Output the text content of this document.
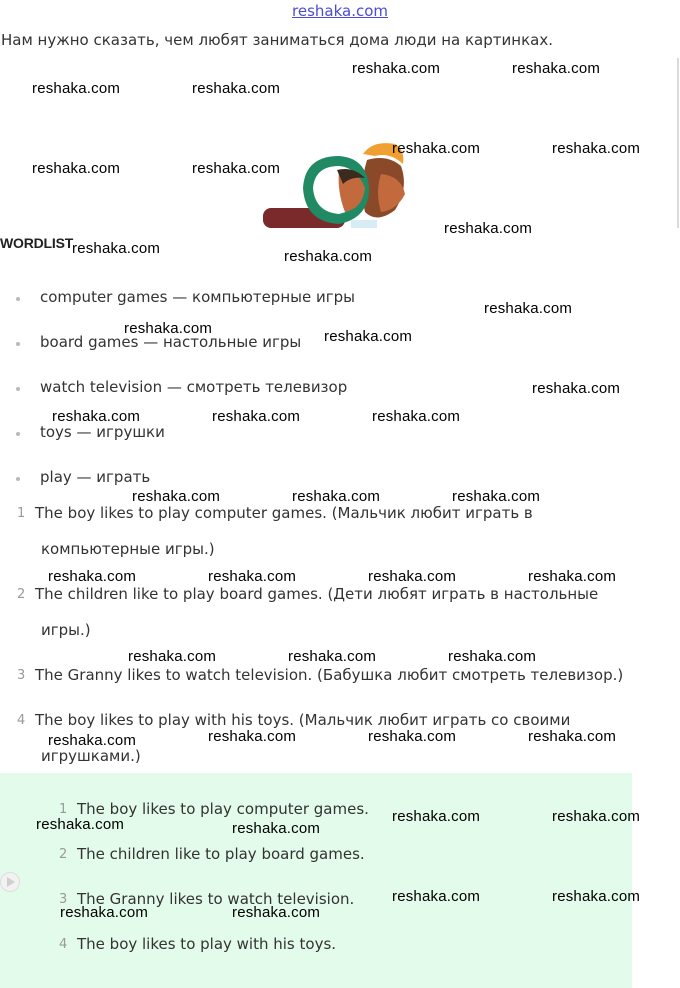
reshaka.com
Нам нужно сказать, чем любят заниматься дома люди на картинках.
WORDLIST
computer games — компьютерные игры
board games — настольные игры
watch television — смотреть телевизор
toys — игрушки
play — играть
1 The boy likes to play computer games. (Мальчик любит играть в
компьютерные игры.)
2 The children like to play board games. (Дети любят играть в настольные
игры.)
3 The Granny likes to watch television. (Бабушка любит смотреть телевизор.)
4 The boy likes to play with his toys. (Мальчик любит играть со своими
игрушками.)
1 The boy likes to play computer games.
2 The children like to play board games.
3 The Granny likes to watch television.
4 The boy likes to play with his toys.
reshaka.com	reshaka.com
reshaka.com	reshaka.com
reshaka.com	reshaka.com
reshaka.com	reshaka.com
reshaka.com
reshaka.com	reshaka.com
reshaka.com
reshaka.com	reshaka.com
reshaka.com
reshaka.com	reshaka.com	reshaka.com
reshaka.com	reshaka.com	reshaka.com
reshaka.com	reshaka.com	reshaka.com	reshaka.com
reshaka.com	reshaka.com	reshaka.com
reshaka.com	reshaka.com	reshaka.com
reshaka.com
reshaka.com	reshaka.com
reshaka.com	reshaka.com
reshaka.com	reshaka.com
reshaka.com	reshaka.com
